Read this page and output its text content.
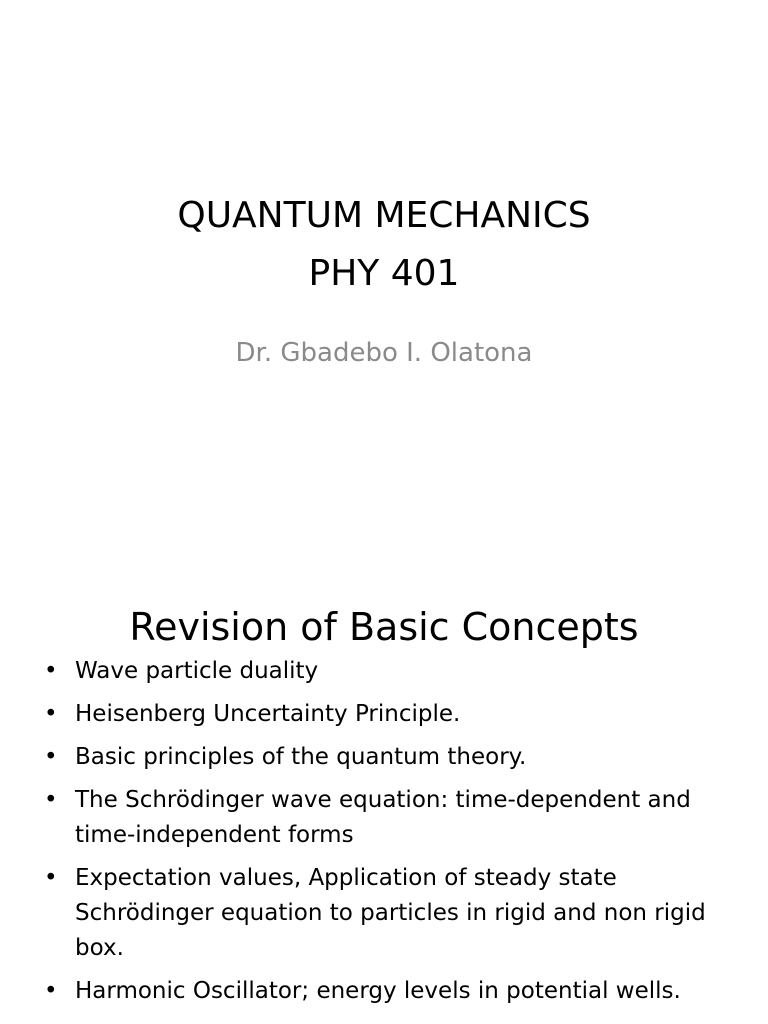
QUANTUM MECHANICS
PHY 401
Dr. Gbadebo I. Olatona
Revision of Basic Concepts
• Wave particle duality
• Heisenberg Uncertainty Principle.
• Basic principles of the quantum theory.
• The Schrödinger wave equation: time-dependent and time-independent forms
• Expectation values, Application of steady state Schrödinger equation to particles in rigid and non rigid box.
• Harmonic Oscillator; energy levels in potential wells.
